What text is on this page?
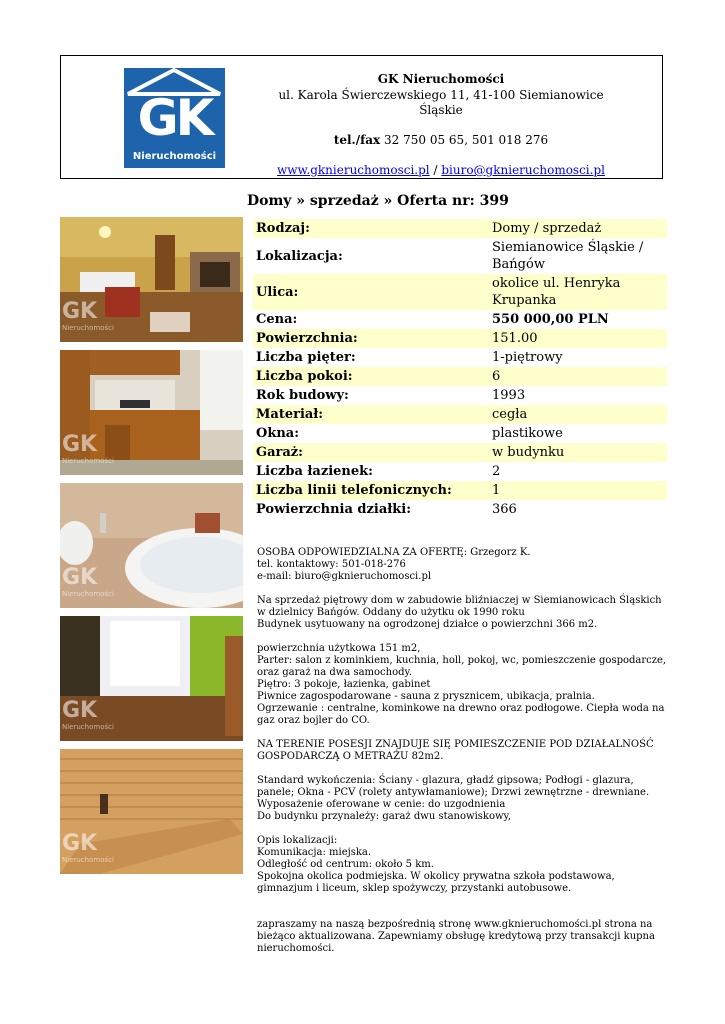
GK
Nieruchomości
GK Nieruchomości
ul. Karola Świerczewskiego 11, 41-100 Siemianowice Śląskie
tel./fax 32 750 05 65, 501 018 276
www.gknieruchomosci.pl / biuro@gknieruchomosci.pl
Domy » sprzedaż » Oferta nr: 399
GK
Nieruchomości
GK
Nieruchomości
GK
Nieruchomości
GK
Nieruchomości
GK
Nieruchomości
Rodzaj:	Domy / sprzedaż
Lokalizacja:	Siemianowice Śląskie / Bańgów
Ulica:	okolice ul. Henryka Krupanka
Cena:	550 000,00 PLN
Powierzchnia:	151.00
Liczba pięter:	1-piętrowy
Liczba pokoi:	6
Rok budowy:	1993
Materiał:	cegła
Okna:	plastikowe
Garaż:	w budynku
Liczba łazienek:	2
Liczba linii telefonicznych:	1
Powierzchnia działki:	366

OSOBA ODPOWIEDZIALNA ZA OFERTĘ: Grzegorz K.
tel. kontaktowy: 501-018-276
e-mail: biuro@gknieruchomosci.pl

Na sprzedaż piętrowy dom w zabudowie bliźniaczej w Siemianowicach Śląskich w dzielnicy Bańgów. Oddany do użytku ok 1990 roku
Budynek usytuowany na ogrodzonej działce o powierzchni 366 m2.

powierzchnia użytkowa 151 m2,
Parter: salon z kominkiem, kuchnia, holl, pokoj, wc, pomieszczenie gospodarcze, oraz garaż na dwa samochody.
Piętro: 3 pokoje, łazienka, gabinet
Piwnice zagospodarowane - sauna z prysznicem, ubikacja, pralnia.
Ogrzewanie : centralne, kominkowe na drewno oraz podłogowe. Ciepła woda na gaz oraz bojler do CO.

NA TERENIE POSESJI ZNAJDUJE SIĘ POMIESZCZENIE POD DZIAŁALNOŚĆ GOSPODARCZĄ O METRAŻU 82m2.

Standard wykończenia: Ściany - glazura, gładź gipsowa; Podłogi - glazura, panele; Okna - PCV (rolety antywłamaniowe); Drzwi zewnętrzne - drewniane.
Wyposażenie oferowane w cenie: do uzgodnienia
Do budynku przynależy: garaż dwu stanowiskowy,

Opis lokalizacji:
Komunikacja: miejska.
Odległość od centrum: około 5 km.
Spokojna okolica podmiejska. W okolicy prywatna szkoła podstawowa, gimnazjum i liceum, sklep spożywczy, przystanki autobusowe.

zapraszamy na naszą bezpośrednią stronę www.gknieruchomości.pl strona na bieżąco aktualizowana. Zapewniamy obsługę kredytową przy transakcji kupna nieruchomości.
